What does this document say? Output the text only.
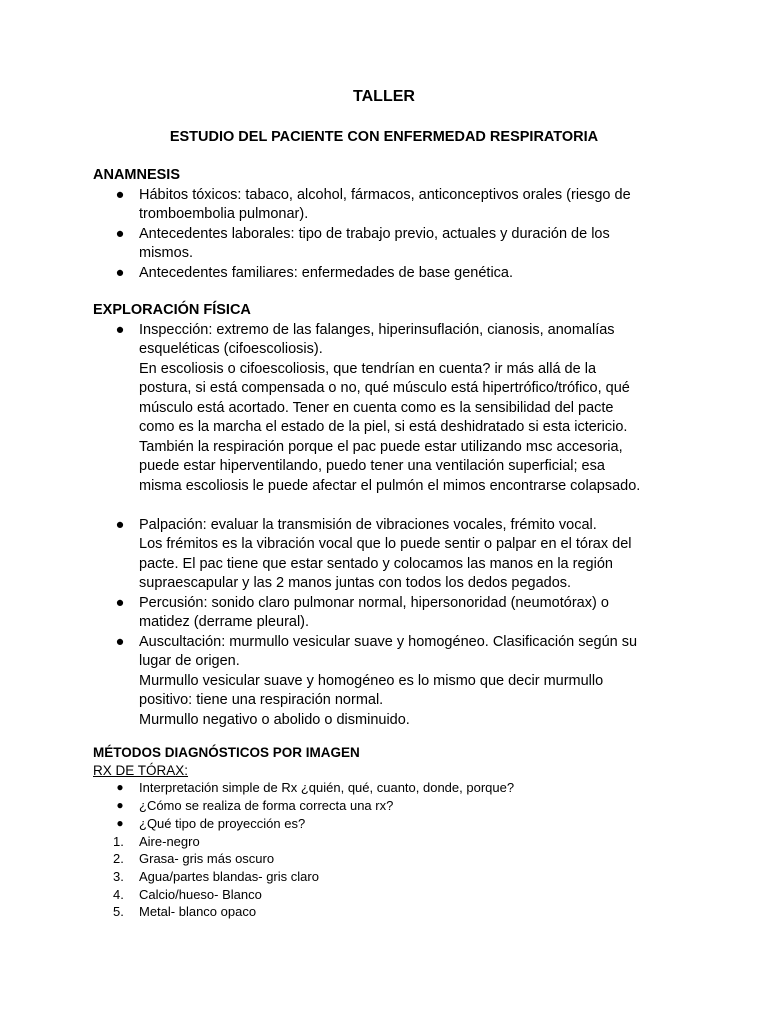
TALLER
ESTUDIO DEL PACIENTE CON ENFERMEDAD RESPIRATORIA

ANAMNESIS

● Hábitos tóxicos: tabaco, alcohol, fármacos, anticonceptivos orales (riesgo de
tromboembolia pulmonar).
● Antecedentes laborales: tipo de trabajo previo, actuales y duración de los
mismos.
● Antecedentes familiares: enfermedades de base genética.

EXPLORACIÓN FÍSICA

● Inspección: extremo de las falanges, hiperinsuflación, cianosis, anomalías
esqueléticas (cifoescoliosis).
En escoliosis o cifoescoliosis, que tendrían en cuenta? ir más allá de la
postura, si está compensada o no, qué músculo está hipertrófico/trófico, qué
músculo está acortado. Tener en cuenta como es la sensibilidad del pacte
como es la marcha el estado de la piel, si está deshidratado si esta ictericio.
También la respiración porque el pac puede estar utilizando msc accesoria,
puede estar hiperventilando, puedo tener una ventilación superficial; esa
misma escoliosis le puede afectar el pulmón el mimos encontrarse colapsado.
● Palpación: evaluar la transmisión de vibraciones vocales, frémito vocal.
Los frémitos es la vibración vocal que lo puede sentir o palpar en el tórax del
pacte. El pac tiene que estar sentado y colocamos las manos en la región
supraescapular y las 2 manos juntas con todos los dedos pegados.
● Percusión: sonido claro pulmonar normal, hipersonoridad (neumotórax) o
matidez (derrame pleural).
● Auscultación: murmullo vesicular suave y homogéneo. Clasificación según su
lugar de origen.
Murmullo vesicular suave y homogéneo es lo mismo que decir murmullo
positivo: tiene una respiración normal.
Murmullo negativo o abolido o disminuido.

MÉTODOS DIAGNÓSTICOS POR IMAGEN

RX DE TÓRAX:

● Interpretación simple de Rx ¿quién, qué, cuanto, donde, porque?
● ¿Cómo se realiza de forma correcta una rx?
● ¿Qué tipo de proyección es?
1.	Aire-negro
2.	Grasa- gris más oscuro
3.	Agua/partes blandas- gris claro
4.	Calcio/hueso- Blanco
5.	Metal- blanco opaco
